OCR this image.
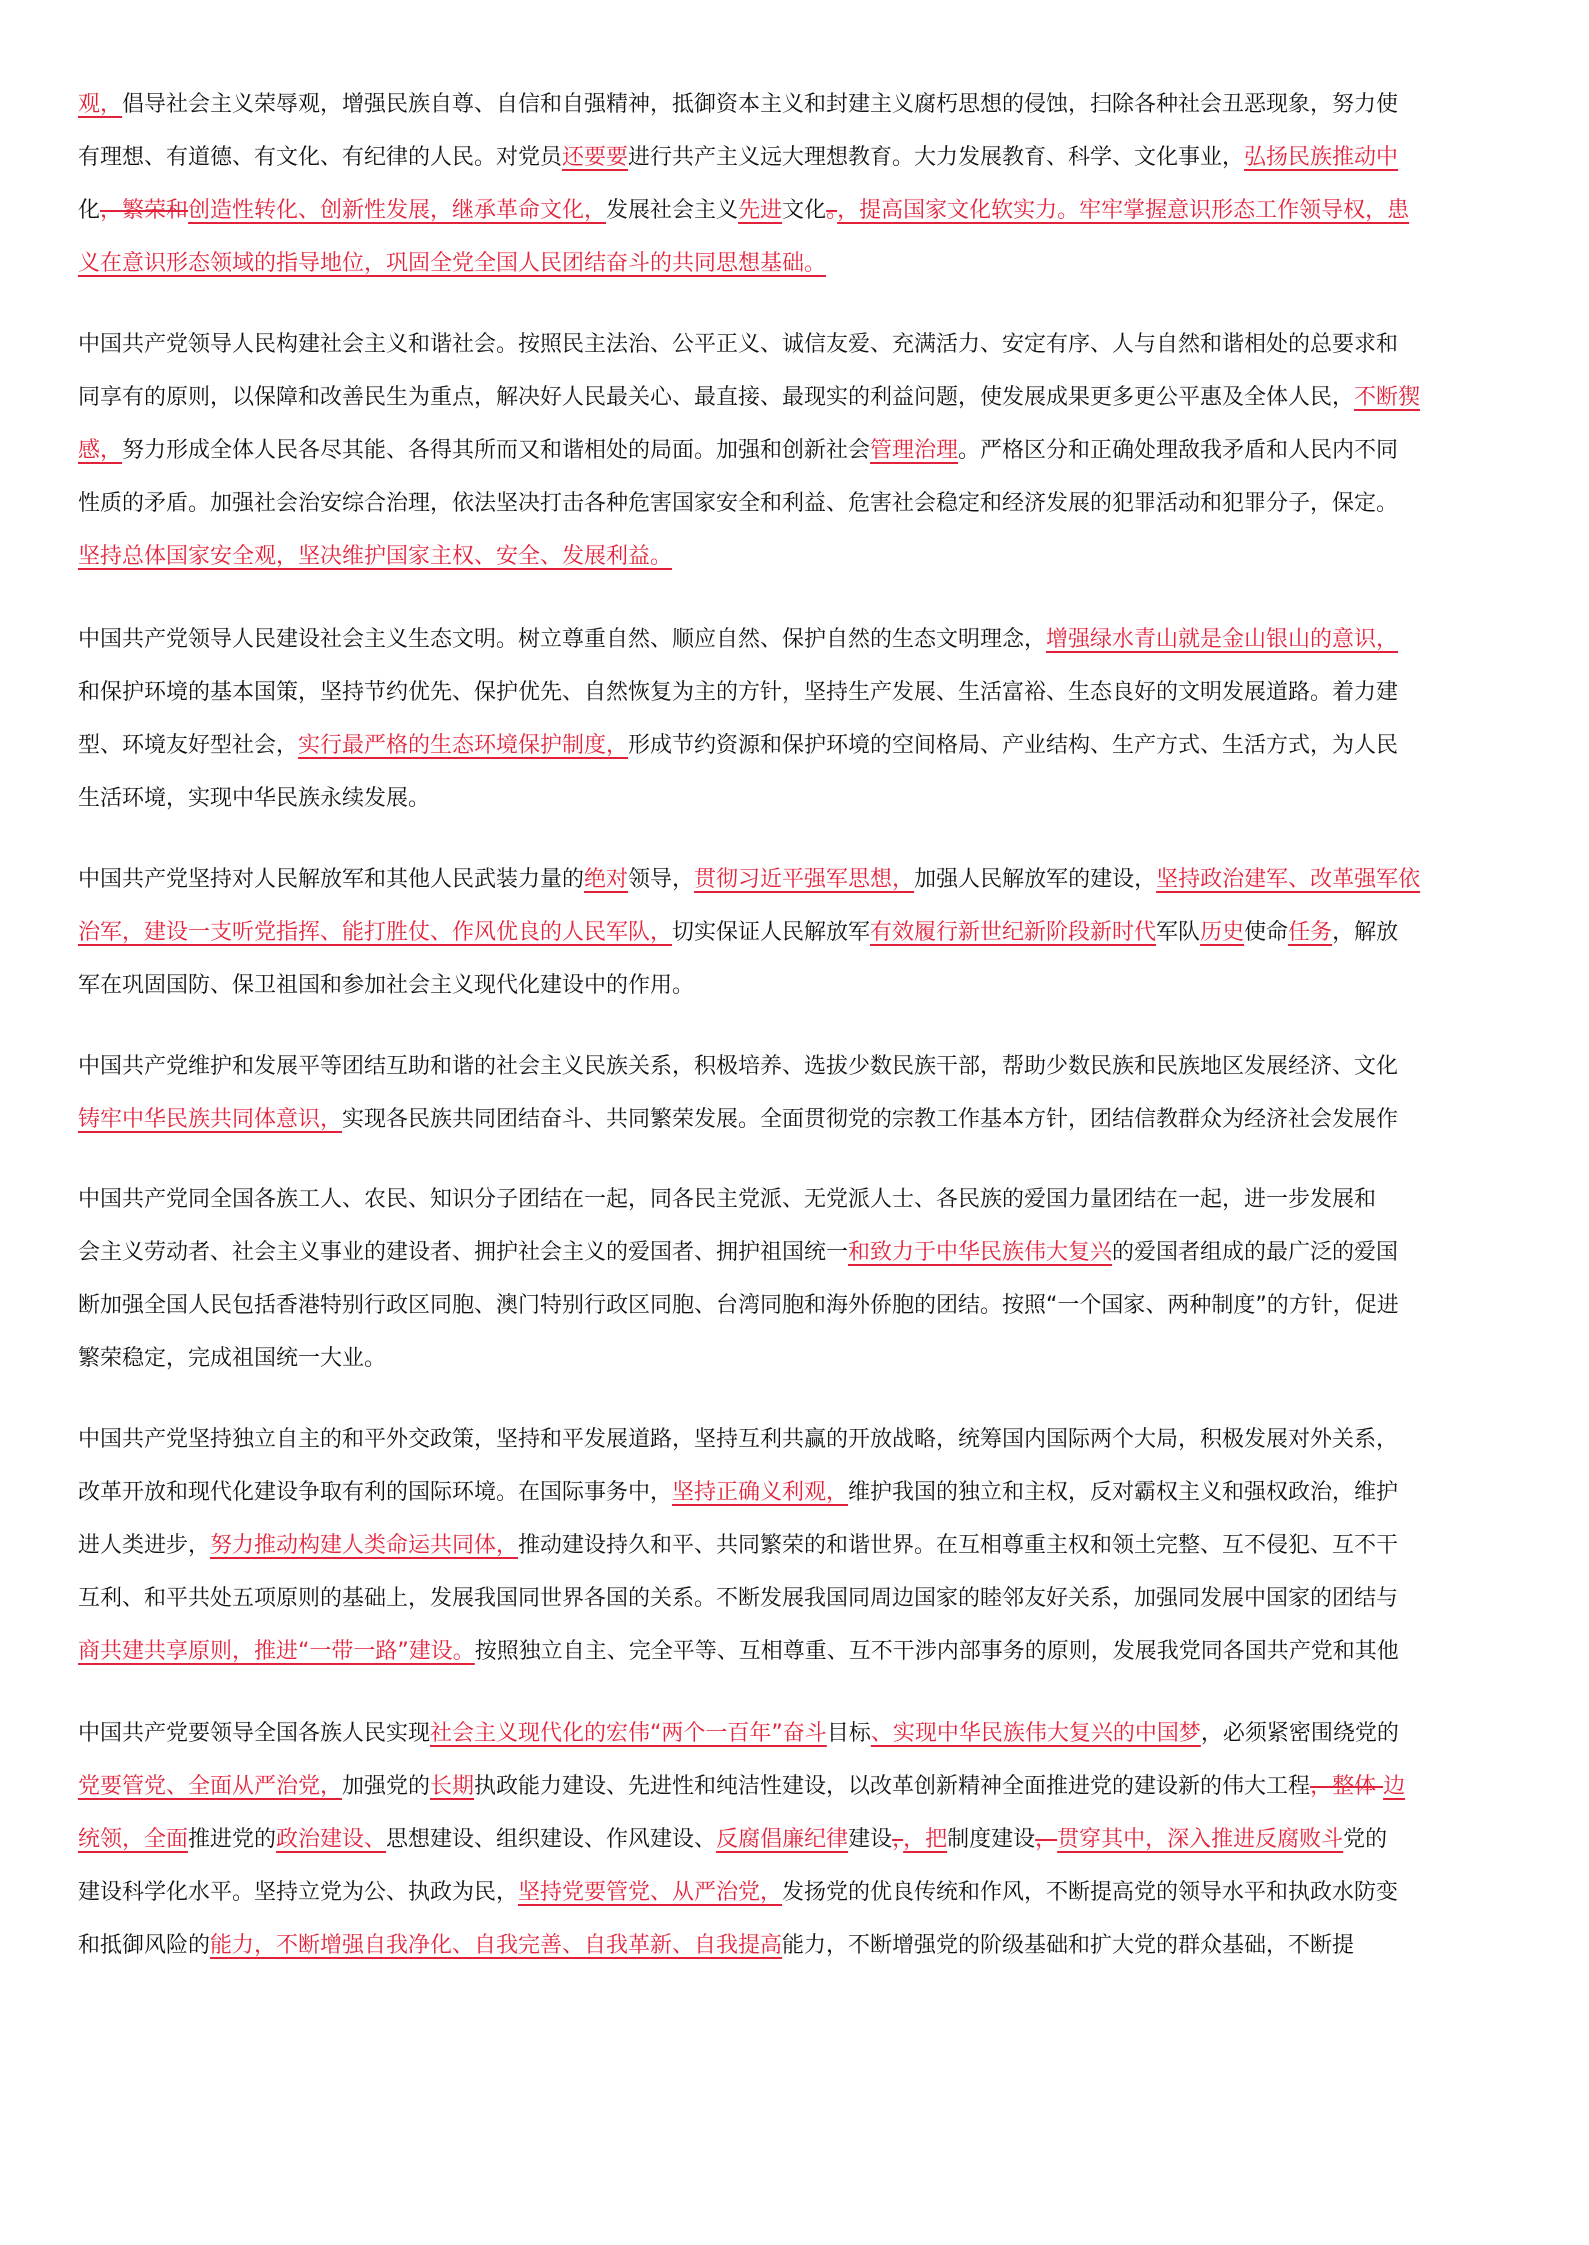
观，倡导社会主义荣辱观，增强民族自尊、自信和自强精神，抵御资本主义和封建主义腐朽思想的侵蚀，扫除各种社会丑恶现象，努力使
有理想、有道德、有文化、有纪律的人民。对党员还要要进行共产主义远大理想教育。大力发展教育、科学、文化事业，弘扬民族推动中
化，繁荣和创造性转化、创新性发展，继承革命文化，发展社会主义先进文化。，提高国家文化软实力。牢牢掌握意识形态工作领导权，患
义在意识形态领域的指导地位，巩固全党全国人民团结奋斗的共同思想基础。
中国共产党领导人民构建社会主义和谐社会。按照民主法治、公平正义、诚信友爱、充满活力、安定有序、人与自然和谐相处的总要求和
同享有的原则，以保障和改善民生为重点，解决好人民最关心、最直接、最现实的利益问题，使发展成果更多更公平惠及全体人民，不断猰
感，努力形成全体人民各尽其能、各得其所而又和谐相处的局面。加强和创新社会管理治理。严格区分和正确处理敌我矛盾和人民内不同
性质的矛盾。加强社会治安综合治理，依法坚决打击各种危害国家安全和利益、危害社会稳定和经济发展的犯罪活动和犯罪分子，保定。
坚持总体国家安全观，坚决维护国家主权、安全、发展利益。
中国共产党领导人民建设社会主义生态文明。树立尊重自然、顺应自然、保护自然的生态文明理念，增强绿水青山就是金山银山的意识，
和保护环境的基本国策，坚持节约优先、保护优先、自然恢复为主的方针，坚持生产发展、生活富裕、生态良好的文明发展道路。着力建
型、环境友好型社会，实行最严格的生态环境保护制度，形成节约资源和保护环境的空间格局、产业结构、生产方式、生活方式，为人民
生活环境，实现中华民族永续发展。
中国共产党坚持对人民解放军和其他人民武装力量的绝对领导，贯彻习近平强军思想，加强人民解放军的建设，坚持政治建军、改革强军依
治军，建设一支听党指挥、能打胜仗、作风优良的人民军队，切实保证人民解放军有效履行新世纪新阶段新时代军队历史使命任务，解放
军在巩固国防、保卫祖国和参加社会主义现代化建设中的作用。
中国共产党维护和发展平等团结互助和谐的社会主义民族关系，积极培养、选拔少数民族干部，帮助少数民族和民族地区发展经济、文化
铸牢中华民族共同体意识，实现各民族共同团结奋斗、共同繁荣发展。全面贯彻党的宗教工作基本方针，团结信教群众为经济社会发展作
中国共产党同全国各族工人、农民、知识分子团结在一起，同各民主党派、无党派人士、各民族的爱国力量团结在一起，进一步发展和
会主义劳动者、社会主义事业的建设者、拥护社会主义的爱国者、拥护祖国统一和致力于中华民族伟大复兴的爱国者组成的最广泛的爱国
断加强全国人民包括香港特别行政区同胞、澳门特别行政区同胞、台湾同胞和海外侨胞的团结。按照“一个国家、两种制度”的方针，促进
繁荣稳定，完成祖国统一大业。
中国共产党坚持独立自主的和平外交政策，坚持和平发展道路，坚持互利共赢的开放战略，统筹国内国际两个大局，积极发展对外关系，
改革开放和现代化建设争取有利的国际环境。在国际事务中，坚持正确义利观，维护我国的独立和主权，反对霸权主义和强权政治，维护
进人类进步，努力推动构建人类命运共同体，推动建设持久和平、共同繁荣的和谐世界。在互相尊重主权和领土完整、互不侵犯、互不干
互利、和平共处五项原则的基础上，发展我国同世界各国的关系。不断发展我国同周边国家的睦邻友好关系，加强同发展中国家的团结与
商共建共享原则，推进“一带一路”建设。按照独立自主、完全平等、互相尊重、互不干涉内部事务的原则，发展我党同各国共产党和其他
中国共产党要领导全国各族人民实现社会主义现代化的宏伟“两个一百年”奋斗目标、实现中华民族伟大复兴的中国梦，必须紧密围绕党的
党要管党、全面从严治党，加强党的长期执政能力建设、先进性和纯洁性建设，以改革创新精神全面推进党的建设新的伟大工程，整体 边
统领，全面推进党的政治建设、思想建设、组织建设、作风建设、反腐倡廉纪律建设，，把制度建设，贯穿其中，深入推进反腐败斗党的
建设科学化水平。坚持立党为公、执政为民，坚持党要管党、从严治党，发扬党的优良传统和作风，不断提高党的领导水平和执政水防变
和抵御风险的能力，不断增强自我净化、自我完善、自我革新、自我提高能力，不断增强党的阶级基础和扩大党的群众基础，不断提
